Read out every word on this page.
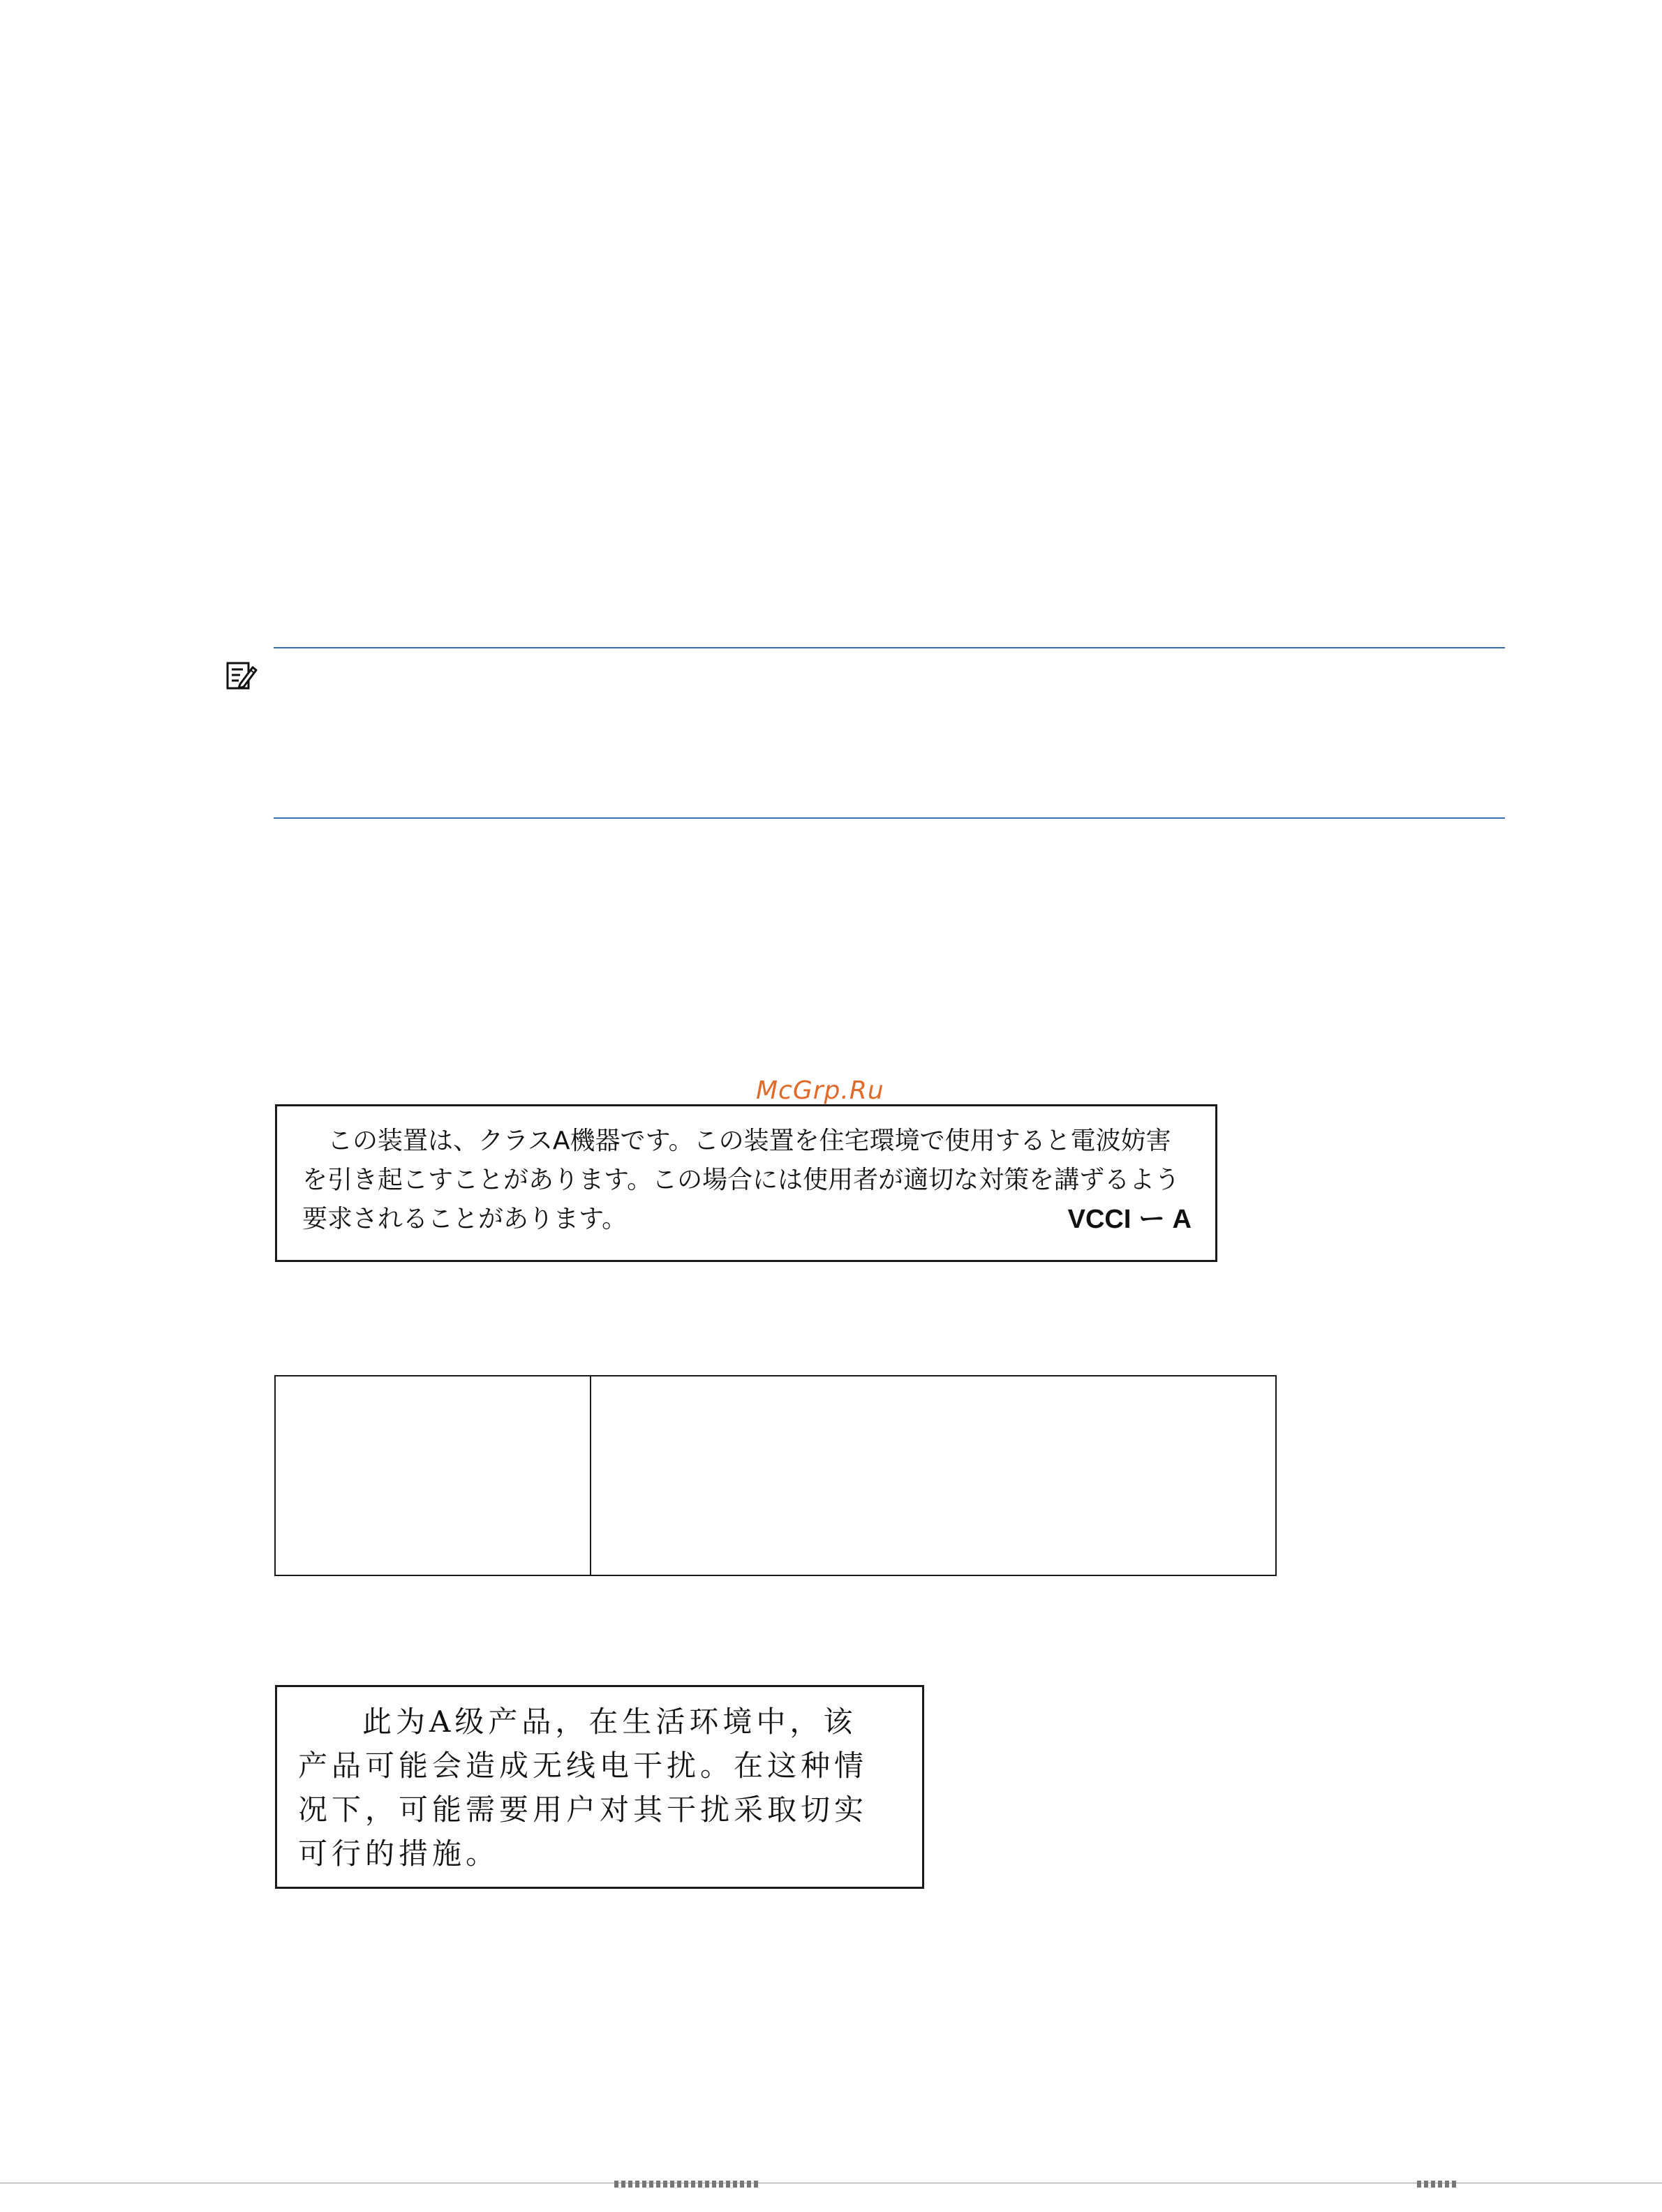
McGrp.Ru
この装置は、クラスA機器です。この装置を住宅環境で使用すると電波妨害
を引き起こすことがあります。この場合には使用者が適切な対策を講ずるよう
要求されることがあります。	VCCI ー A

此为A级产品，在生活环境中，该
产品可能会造成无线电干扰。在这种情
况下，可能需要用户对其干扰采取切实
可行的措施。
